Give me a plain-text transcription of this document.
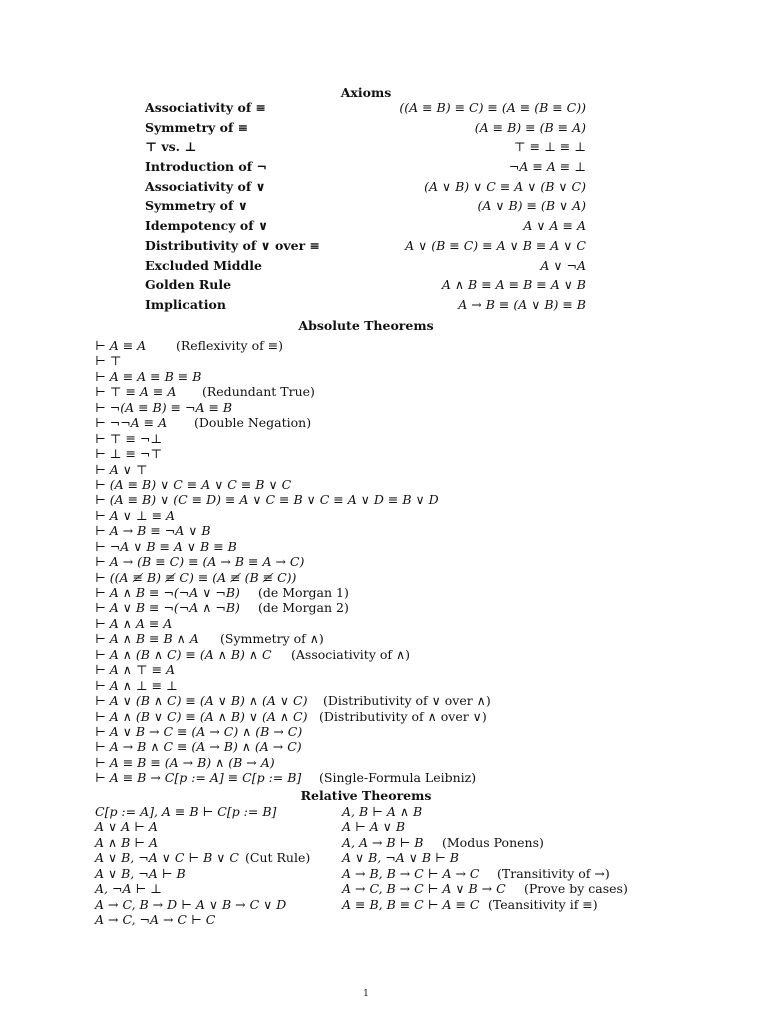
Axioms
Associativity of ≡	((A ≡ B) ≡ C) ≡ (A ≡ (B ≡ C))
Symmetry of ≡	(A ≡ B) ≡ (B ≡ A)
⊤ vs. ⊥	⊤ ≡ ⊥ ≡ ⊥
Introduction of ¬	¬A ≡ A ≡ ⊥
Associativity of ∨	(A ∨ B) ∨ C ≡ A ∨ (B ∨ C)
Symmetry of ∨	(A ∨ B) ≡ (B ∨ A)
Idempotency of ∨	A ∨ A ≡ A
Distributivity of ∨ over ≡	A ∨ (B ≡ C) ≡ A ∨ B ≡ A ∨ C
Excluded Middle	A ∨ ¬A
Golden Rule	A ∧ B ≡ A ≡ B ≡ A ∨ B
Implication	A → B ≡ (A ∨ B) ≡ B
Absolute Theorems
⊢ A ≡ A (Reflexivity of ≡)
⊢ ⊤
⊢ A ≡ A ≡ B ≡ B
⊢ ⊤ ≡ A ≡ A (Redundant True)
⊢ ¬(A ≡ B) ≡ ¬A ≡ B
⊢ ¬¬A ≡ A (Double Negation)
⊢ ⊤ ≡ ¬⊥
⊢ ⊥ ≡ ¬⊤
⊢ A ∨ ⊤
⊢ (A ≡ B) ∨ C ≡ A ∨ C ≡ B ∨ C
⊢ (A ≡ B) ∨ (C ≡ D) ≡ A ∨ C ≡ B ∨ C ≡ A ∨ D ≡ B ∨ D
⊢ A ∨ ⊥ ≡ A
⊢ A → B ≡ ¬A ∨ B
⊢ ¬A ∨ B ≡ A ∨ B ≡ B
⊢ A → (B ≡ C) ≡ (A → B ≡ A → C)
⊢ ((A ≢ B) ≢ C) ≡ (A ≢ (B ≢ C))
⊢ A ∧ B ≡ ¬(¬A ∨ ¬B) (de Morgan 1)
⊢ A ∨ B ≡ ¬(¬A ∧ ¬B) (de Morgan 2)
⊢ A ∧ A ≡ A
⊢ A ∧ B ≡ B ∧ A (Symmetry of ∧)
⊢ A ∧ (B ∧ C) ≡ (A ∧ B) ∧ C (Associativity of ∧)
⊢ A ∧ ⊤ ≡ A
⊢ A ∧ ⊥ ≡ ⊥
⊢ A ∨ (B ∧ C) ≡ (A ∨ B) ∧ (A ∨ C) (Distributivity of ∨ over ∧)
⊢ A ∧ (B ∨ C) ≡ (A ∧ B) ∨ (A ∧ C) (Distributivity of ∧ over ∨)
⊢ A ∨ B → C ≡ (A → C) ∧ (B → C)
⊢ A → B ∧ C ≡ (A → B) ∧ (A → C)
⊢ A ≡ B ≡ (A → B) ∧ (B → A)
⊢ A ≡ B → C[p := A] ≡ C[p := B] (Single-Formula Leibniz)
Relative Theorems
C[p := A], A ≡ B ⊢ C[p := B]
A ∨ A ⊢ A
A ∧ B ⊢ A
A ∨ B, ¬A ∨ C ⊢ B ∨ C (Cut Rule)
A ∨ B, ¬A ⊢ B
A, ¬A ⊢ ⊥
A → C, B → D ⊢ A ∨ B → C ∨ D
A → C, ¬A → C ⊢ C
A, B ⊢ A ∧ B
A ⊢ A ∨ B
A, A → B ⊢ B (Modus Ponens)
A ∨ B, ¬A ∨ B ⊢ B
A → B, B → C ⊢ A → C (Transitivity of →)
A → C, B → C ⊢ A ∨ B → C (Prove by cases)
A ≡ B, B ≡ C ⊢ A ≡ C (Teansitivity if ≡)
1
